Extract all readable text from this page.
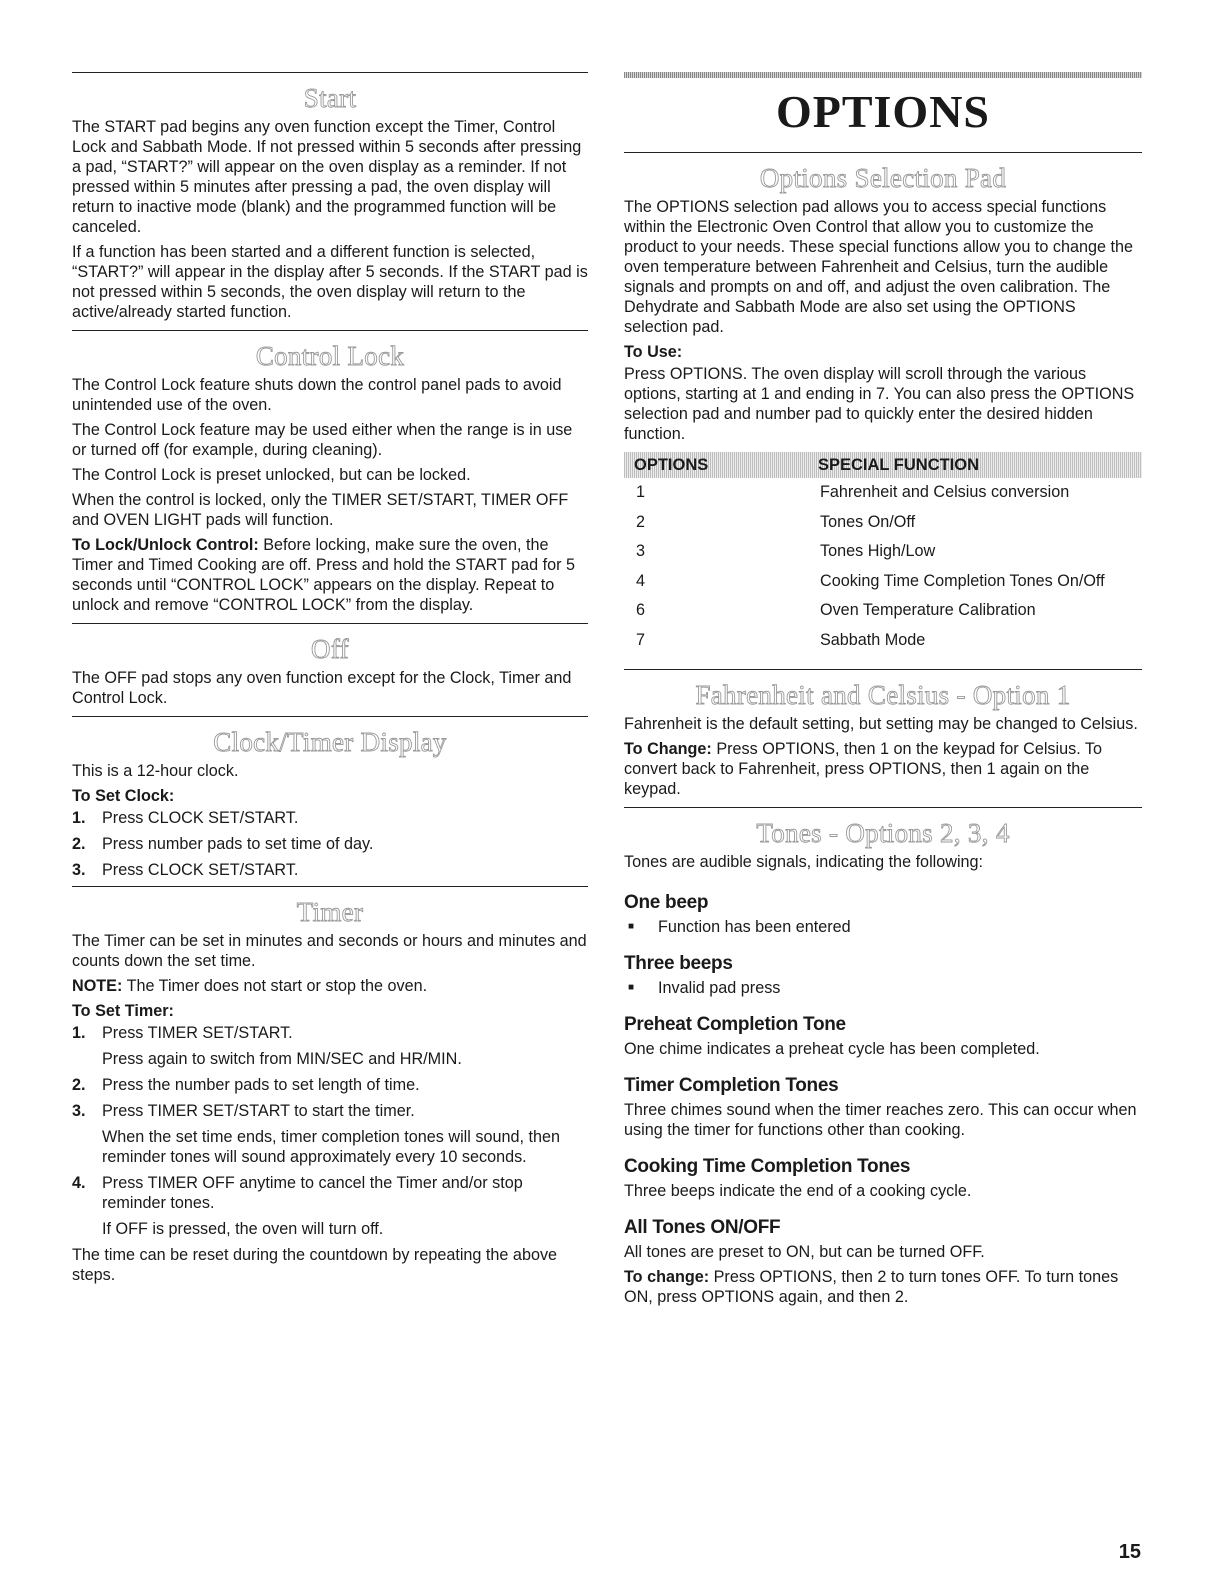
Start

The START pad begins any oven function except the Timer, Control Lock and Sabbath Mode. If not pressed within 5 seconds after pressing a pad, “START?” will appear on the oven display as a reminder. If not pressed within 5 minutes after pressing a pad, the oven display will return to inactive mode (blank) and the programmed function will be canceled.

If a function has been started and a different function is selected, “START?” will appear in the display after 5 seconds. If the START pad is not pressed within 5 seconds, the oven display will return to the active/already started function.

Control Lock

The Control Lock feature shuts down the control panel pads to avoid unintended use of the oven.

The Control Lock feature may be used either when the range is in use or turned off (for example, during cleaning).

The Control Lock is preset unlocked, but can be locked.

When the control is locked, only the TIMER SET/START, TIMER OFF and OVEN LIGHT pads will function.

To Lock/Unlock Control: Before locking, make sure the oven, the Timer and Timed Cooking are off. Press and hold the START pad for 5 seconds until “CONTROL LOCK” appears on the display. Repeat to unlock and remove “CONTROL LOCK” from the display.

Off

The OFF pad stops any oven function except for the Clock, Timer and Control Lock.

Clock/Timer Display

This is a 12-hour clock.

To Set Clock:
1.	Press CLOCK SET/START.
2.	Press number pads to set time of day.
3.	Press CLOCK SET/START.
Timer

The Timer can be set in minutes and seconds or hours and minutes and counts down the set time.

NOTE: The Timer does not start or stop the oven.

To Set Timer:
1.	Press TIMER SET/START.
Press again to switch from MIN/SEC and HR/MIN.
2.	Press the number pads to set length of time.
3.	Press TIMER SET/START to start the timer.
When the set time ends, timer completion tones will sound, then reminder tones will sound approximately every 10 seconds.
4.	Press TIMER OFF anytime to cancel the Timer and/or stop reminder tones.
If OFF is pressed, the oven will turn off.

The time can be reset during the countdown by repeating the above steps.

OPTIONS
Options Selection Pad

The OPTIONS selection pad allows you to access special functions within the Electronic Oven Control that allow you to customize the product to your needs. These special functions allow you to change the oven temperature between Fahrenheit and Celsius, turn the audible signals and prompts on and off, and adjust the oven calibration. The Dehydrate and Sabbath Mode are also set using the OPTIONS selection pad.

To Use:

Press OPTIONS. The oven display will scroll through the various options, starting at 1 and ending in 7. You can also press the OPTIONS selection pad and number pad to quickly enter the desired hidden function.

OPTIONS	SPECIAL FUNCTION
1	Fahrenheit and Celsius conversion
2	Tones On/Off
3	Tones High/Low
4	Cooking Time Completion Tones On/Off
6	Oven Temperature Calibration
7	Sabbath Mode
Fahrenheit and Celsius - Option 1

Fahrenheit is the default setting, but setting may be changed to Celsius.

To Change: Press OPTIONS, then 1 on the keypad for Celsius. To convert back to Fahrenheit, press OPTIONS, then 1 again on the keypad.

Tones - Options 2, 3, 4

Tones are audible signals, indicating the following:

One beep
■	Function has been entered
Three beeps
■	Invalid pad press
Preheat Completion Tone

One chime indicates a preheat cycle has been completed.

Timer Completion Tones

Three chimes sound when the timer reaches zero. This can occur when using the timer for functions other than cooking.

Cooking Time Completion Tones

Three beeps indicate the end of a cooking cycle.

All Tones ON/OFF

All tones are preset to ON, but can be turned OFF.

To change: Press OPTIONS, then 2 to turn tones OFF. To turn tones ON, press OPTIONS again, and then 2.

15
